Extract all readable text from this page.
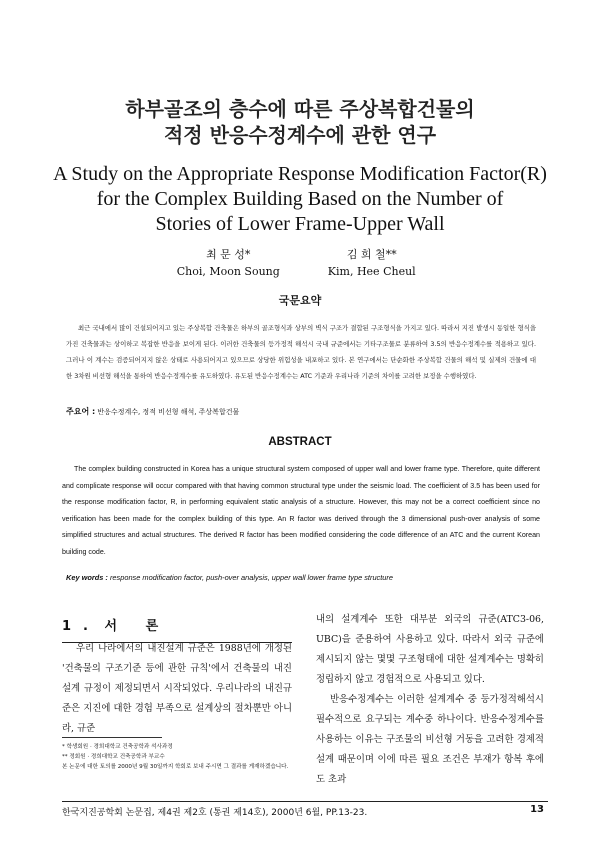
하부골조의 층수에 따른 주상복합건물의
적정 반응수정계수에 관한 연구
A Study on the Appropriate Response Modification Factor(R)
for the Complex Building Based on the Number of
Stories of Lower Frame-Upper Wall
최 문 성*
Choi, Moon Soung

김 희 철**
Kim, Hee Cheul
국문요약
최근 국내에서 많이 건설되어지고 있는 주상복합 건축물은 하부의 골조형식과 상부의 벽식 구조가 결합된 구조형식을 가지고 있다. 따라서 지진 발생시 동일한 형식을 가진 건축물과는 상이하고 복잡한 반응을 보이게 된다. 이러한 건축물의 등가정적 해석시 국내 규준에서는 기타구조물로 분류하여 3.5의 반응수정계수를 적용하고 있다. 그러나 이 계수는 검증되어지지 않은 상태로 사용되어지고 있으므로 상당한 위험성을 내포하고 있다. 본 연구에서는 단순화한 주상복합 건물의 해석 및 실제의 건물에 대한 3차원 비선형 해석을 통하여 반응수정계수를 유도하였다. 유도된 반응수정계수는 ATC 기준과 우리나라 기준의 차이를 고려한 보정을 수행하였다.
주요어 : 반응수정계수, 정적 비선형 해석, 주상복합건물
ABSTRACT
The complex building constructed in Korea has a unique structural system composed of upper wall and lower frame type. Therefore, quite different and complicate response will occur compared with that having common structural type under the seismic load. The coefficient of 3.5 has been used for the response modification factor, R, in performing equivalent static analysis of a structure. However, this may not be a correct coefficient since no verification has been made for the complex building of this type. An R factor was derived through the 3 dimensional push-over analysis of some simplified structures and actual structures. The derived R factor has been modified considering the code difference of an ATC and the current Korean building code.
Key words : response modification factor, push-over analysis, upper wall lower frame type structure
1. 서 론
우리 나라에서의 내진설계 규준은 1988년에 개정된 '건축물의 구조기준 등에 관한 규칙'에서 건축물의 내진 설계 규정이 제정되면서 시작되었다. 우리나라의 내진규준은 지진에 대한 경험 부족으로 설계상의 절차뿐만 아니라, 규준

내의 설계계수 또한 대부분 외국의 규준(ATC3-06, UBC)을 준용하여 사용하고 있다. 따라서 외국 규준에 제시되지 않는 몇몇 구조형태에 대한 설계계수는 명확히 정립하지 않고 경험적으로 사용되고 있다.

반응수정계수는 이러한 설계계수 중 등가정적해석시 필수적으로 요구되는 계수중 하나이다. 반응수정계수를 사용하는 이유는 구조물의 비선형 거동을 고려한 경제적 설계 때문이며 이에 따른 필요 조건은 부재가 항복 후에도 초과

* 학생회원 · 경희대학교 건축공학과 석사과정
** 정회원 · 경희대학교 건축공학과 부교수
본 논문에 대한 토의를 2000년 9월 30일까지 학회로 보내 주시면 그 결과를 게재하겠습니다.
한국지진공학회 논문집, 제4권 제2호 (통권 제14호), 2000년 6월, PP.13-23.	13
